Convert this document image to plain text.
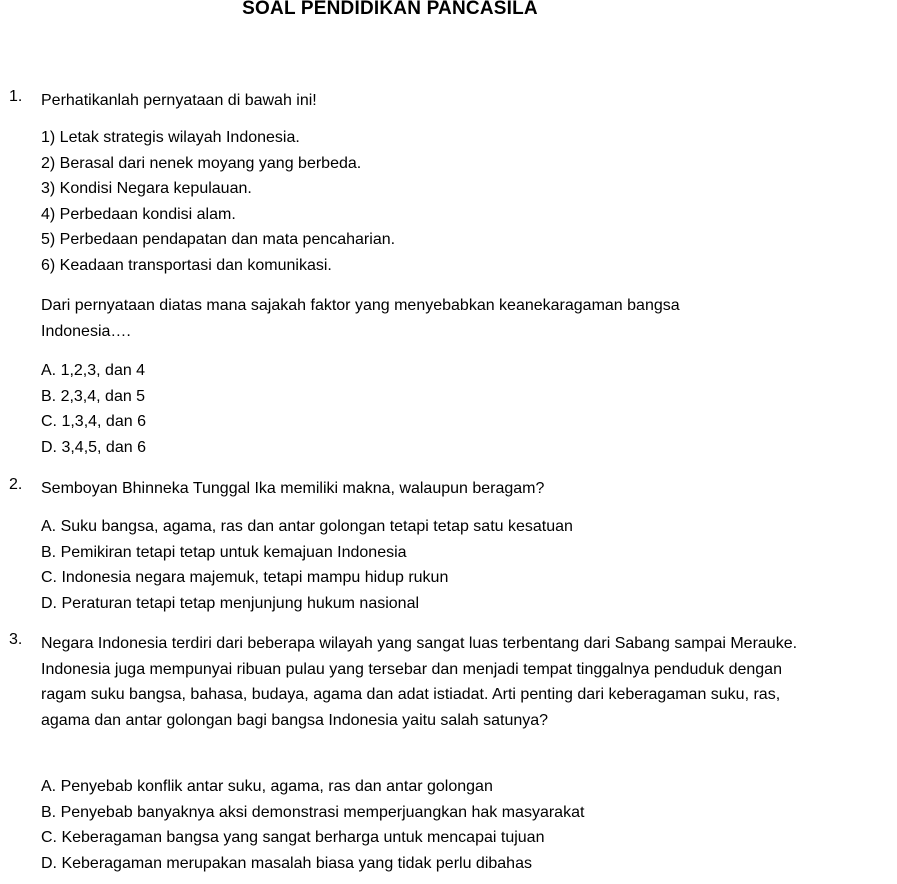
SOAL PENDIDIKAN PANCASILA
1. Perhatikanlah pernyataan di bawah ini!
1) Letak strategis wilayah Indonesia.
2) Berasal dari nenek moyang yang berbeda.
3) Kondisi Negara kepulauan.
4) Perbedaan kondisi alam.
5) Perbedaan pendapatan dan mata pencaharian.
6) Keadaan transportasi dan komunikasi.
Dari pernyataan diatas mana sajakah faktor yang menyebabkan keanekaragaman bangsa Indonesia….
A. 1,2,3, dan 4
B. 2,3,4, dan 5
C. 1,3,4, dan 6
D. 3,4,5, dan 6
2. Semboyan Bhinneka Tunggal Ika memiliki makna, walaupun beragam?
A. Suku bangsa, agama, ras dan antar golongan tetapi tetap satu kesatuan
B. Pemikiran tetapi tetap untuk kemajuan Indonesia
C. Indonesia negara majemuk, tetapi mampu hidup rukun
D. Peraturan tetapi tetap menjunjung hukum nasional
3. Negara Indonesia terdiri dari beberapa wilayah yang sangat luas terbentang dari Sabang sampai Merauke. Indonesia juga mempunyai ribuan pulau yang tersebar dan menjadi tempat tinggalnya penduduk dengan ragam suku bangsa, bahasa, budaya, agama dan adat istiadat. Arti penting dari keberagaman suku, ras, agama dan antar golongan bagi bangsa Indonesia yaitu salah satunya?
A. Penyebab konflik antar suku, agama, ras dan antar golongan
B. Penyebab banyaknya aksi demonstrasi memperjuangkan hak masyarakat
C. Keberagaman bangsa yang sangat berharga untuk mencapai tujuan
D. Keberagaman merupakan masalah biasa yang tidak perlu dibahas
